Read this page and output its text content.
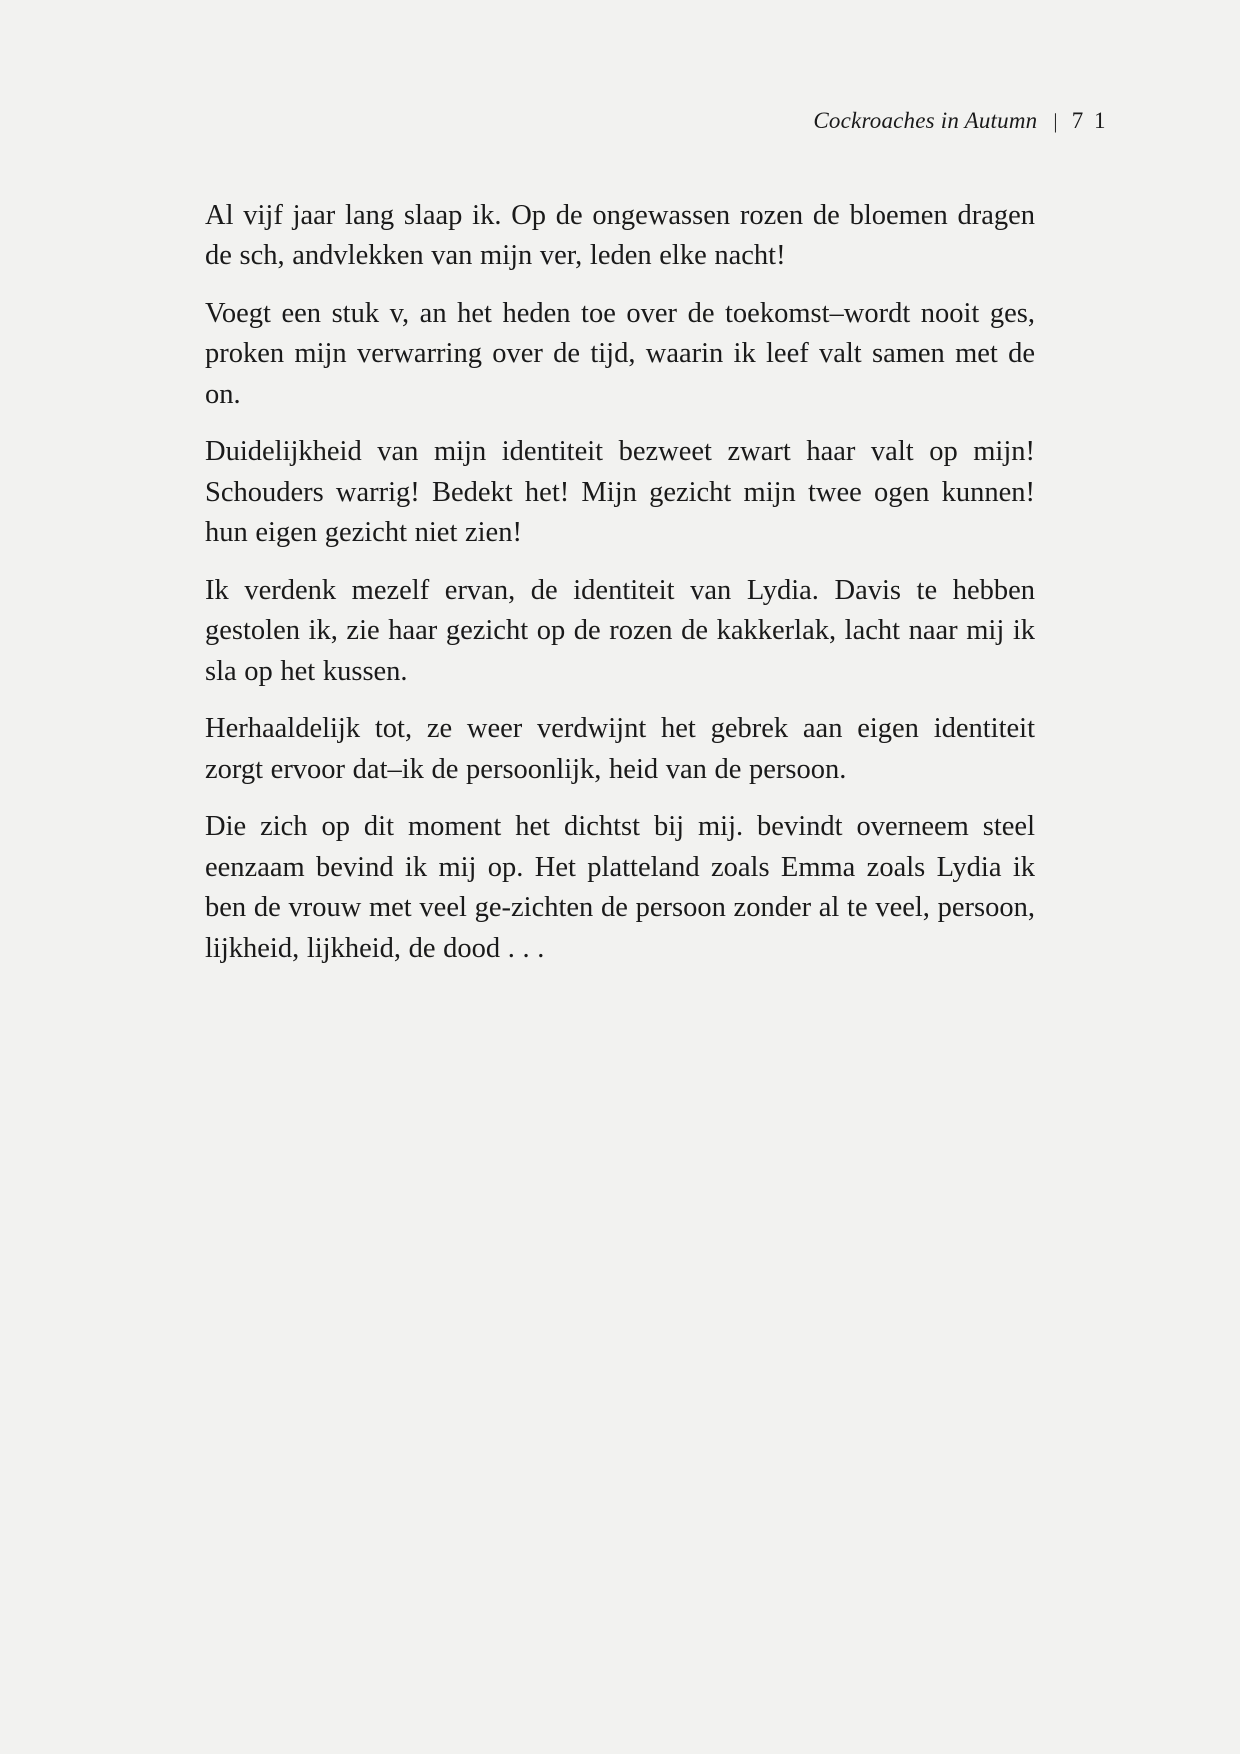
Cockroaches in Autumn | 7 1

Al vijf jaar lang slaap ik. Op de ongewassen rozen de bloemen dragen de sch, andvlekken van mijn ver, leden elke nacht!

Voegt een stuk v, an het heden toe over de toekomst–wordt nooit ges, proken mijn verwarring over de tijd, waarin ik leef valt samen met de on.

Duidelijkheid van mijn identiteit bezweet zwart haar valt op mijn! Schouders warrig! Bedekt het! Mijn gezicht mijn twee ogen kunnen! hun eigen gezicht niet zien!

Ik verdenk mezelf ervan, de identiteit van Lydia. Davis te hebben gestolen ik, zie haar gezicht op de rozen de kakkerlak, lacht naar mij ik sla op het kussen.

Herhaaldelijk tot, ze weer verdwijnt het gebrek aan eigen identiteit zorgt ervoor dat–ik de persoonlijk, heid van de persoon.

Die zich op dit moment het dichtst bij mij. bevindt overneem steel eenzaam bevind ik mij op. Het platteland zoals Emma zoals Lydia ik ben de vrouw met veel ge-zichten de persoon zonder al te veel, persoon, lijkheid, lijkheid, de dood . . .
